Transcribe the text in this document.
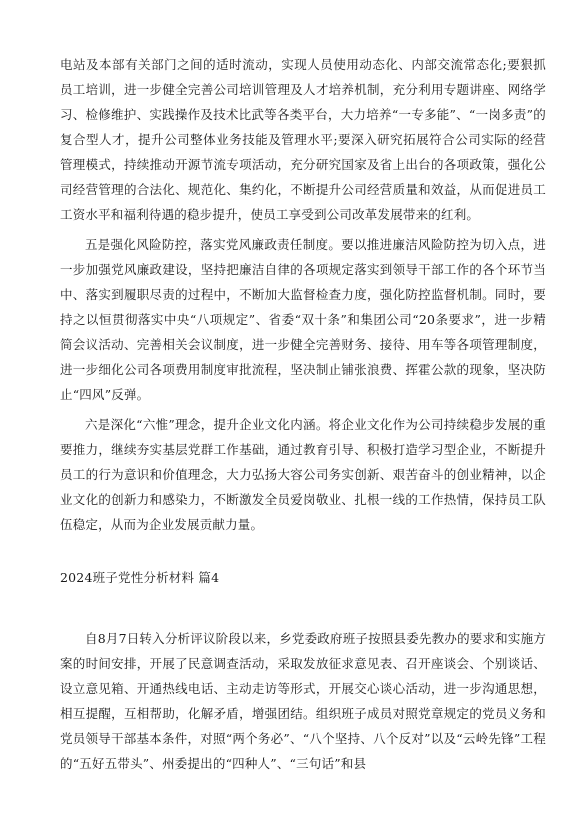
电站及本部有关部门之间的适时流动，实现人员使用动态化、内部交流常态化;要狠抓员工培训，进一步健全完善公司培训管理及人才培养机制，充分利用专题讲座、网络学习、检修维护、实践操作及技术比武等各类平台，大力培养“一专多能”、“一岗多责”的复合型人才，提升公司整体业务技能及管理水平;要深入研究拓展符合公司实际的经营管理模式，持续推动开源节流专项活动，充分研究国家及省上出台的各项政策，强化公司经营管理的合法化、规范化、集约化，不断提升公司经营质量和效益，从而促进员工工资水平和福利待遇的稳步提升，使员工享受到公司改革发展带来的红利。

五是强化风险防控，落实党风廉政责任制度。要以推进廉洁风险防控为切入点，进一步加强党风廉政建设，坚持把廉洁自律的各项规定落实到领导干部工作的各个环节当中、落实到履职尽责的过程中，不断加大监督检查力度，强化防控监督机制。同时，要持之以恒贯彻落实中央“八项规定”、省委“双十条”和集团公司“20条要求”，进一步精简会议活动、完善相关会议制度，进一步健全完善财务、接待、用车等各项管理制度，进一步细化公司各项费用制度审批流程，坚决制止铺张浪费、挥霍公款的现象，坚决防止“四风”反弹。

六是深化“六惟”理念，提升企业文化内涵。将企业文化作为公司持续稳步发展的重要推力，继续夯实基层党群工作基础，通过教育引导、积极打造学习型企业，不断提升员工的行为意识和价值理念，大力弘扬大容公司务实创新、艰苦奋斗的创业精神，以企业文化的创新力和感染力，不断激发全员爱岗敬业、扎根一线的工作热情，保持员工队伍稳定，从而为企业发展贡献力量。

2024班子党性分析材料 篇4

自8月7日转入分析评议阶段以来，乡党委政府班子按照县委先教办的要求和实施方案的时间安排，开展了民意调查活动，采取发放征求意见表、召开座谈会、个别谈话、设立意见箱、开通热线电话、主动走访等形式，开展交心谈心活动，进一步沟通思想，相互提醒，互相帮助，化解矛盾，增强团结。组织班子成员对照党章规定的党员义务和党员领导干部基本条件，对照“两个务必”、“八个坚持、八个反对”以及“云岭先锋”工程的“五好五带头”、州委提出的“四种人”、“三句话”和县
